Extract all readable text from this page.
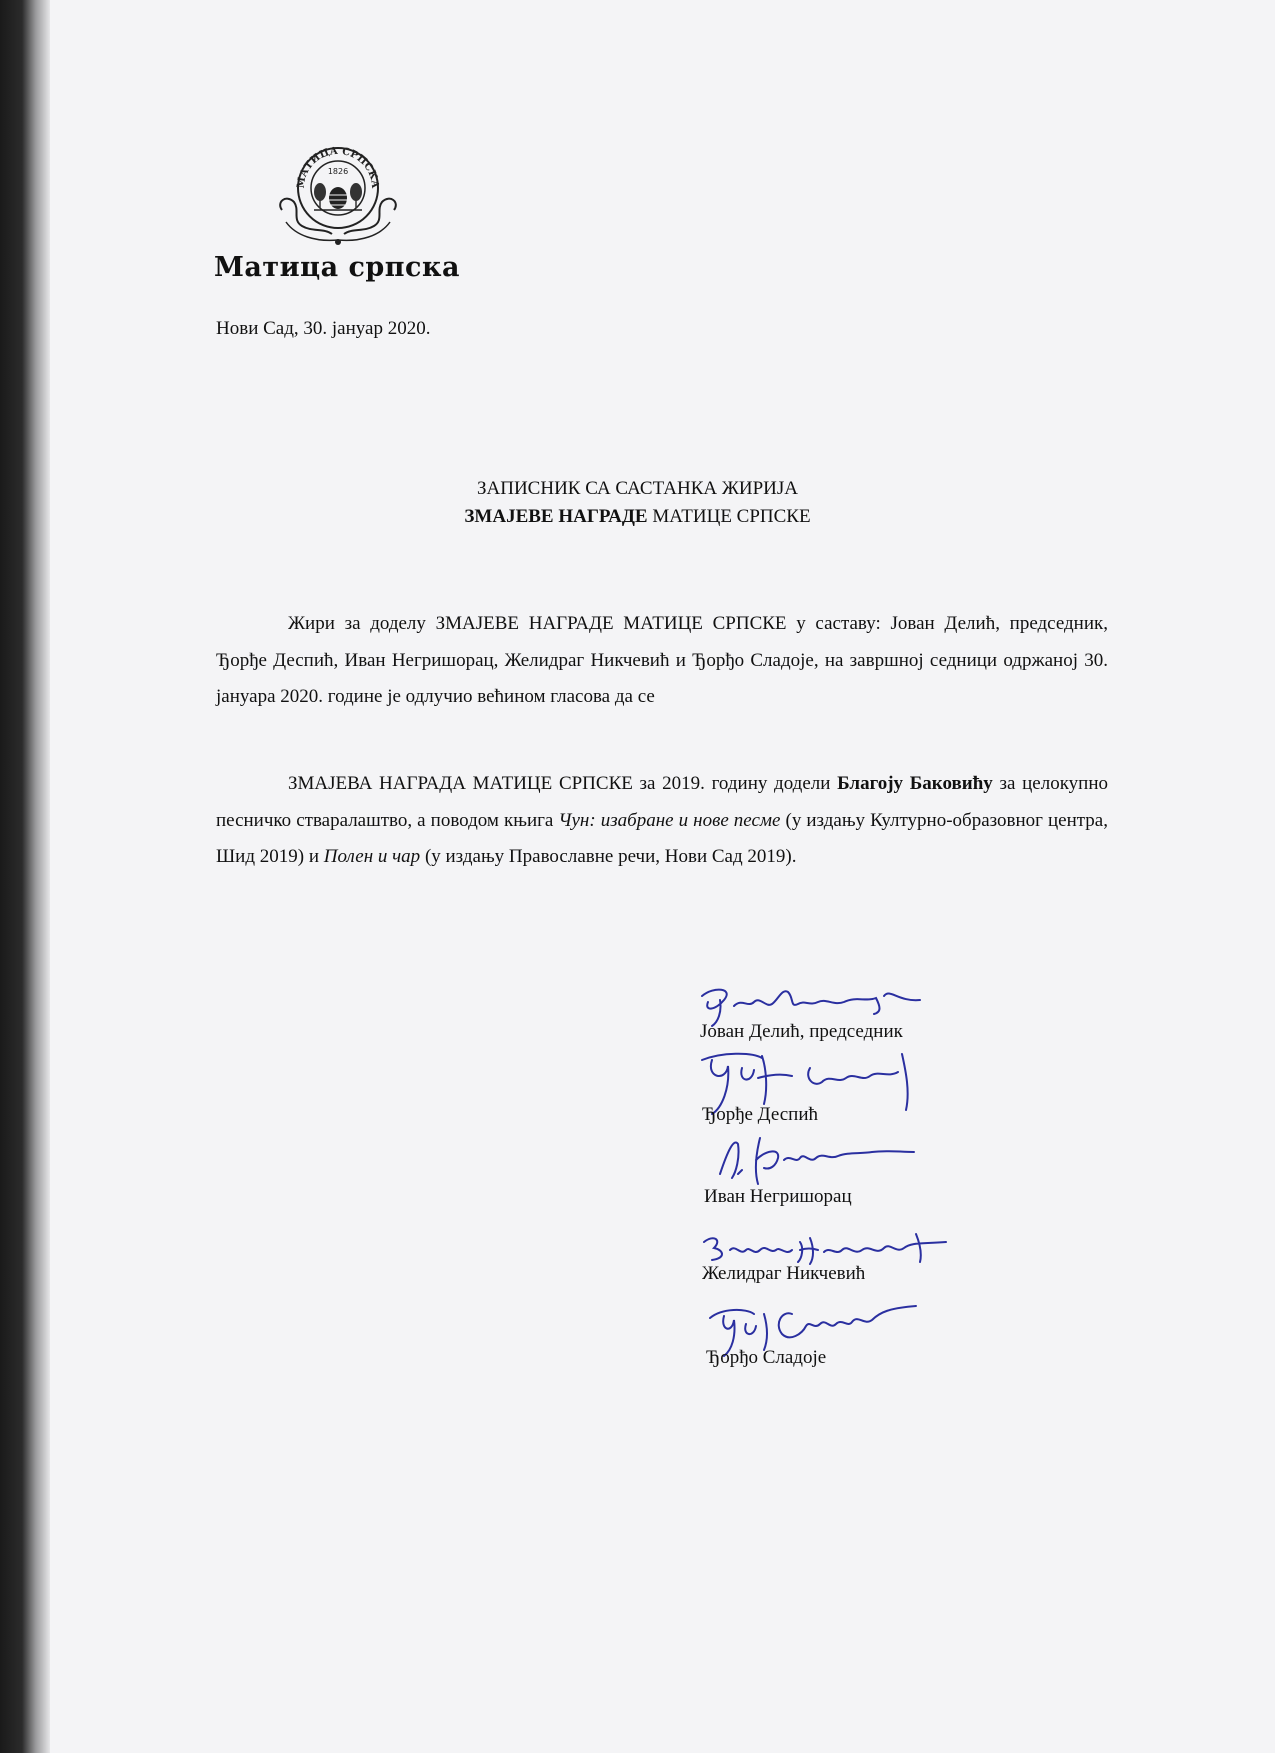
МАТИЦА СРПСКА
1826
Матица српска
Нови Сад, 30. јануар 2020.
ЗАПИСНИК СА САСТАНКА ЖИРИЈА
ЗМАЈЕВЕ НАГРАДЕ МАТИЦЕ СРПСКЕ
Жири за доделу ЗМАЈЕВЕ НАГРАДЕ МАТИЦЕ СРПСКЕ у саставу: Јован Делић, председник, Ђорђе Деспић, Иван Негришорац, Желидраг Никчевић и Ђорђо Сладоје, на завршној седници одржаној 30. јануара 2020. године је одлучио већином гласова да се
ЗМАЈЕВА НАГРАДА МАТИЦЕ СРПСКЕ за 2019. годину додели Благоју Баковићу за целокупно песничко стваралаштво, а поводом књига Чун: изабране и нове песме (у издању Културно-образовног центра, Шид 2019) и Полен и чар (у издању Православне речи, Нови Сад 2019).
Јован Делић, председник
Ђорђе Деспић
Иван Негришорац
Желидраг Никчевић
Ђорђо Сладоје
